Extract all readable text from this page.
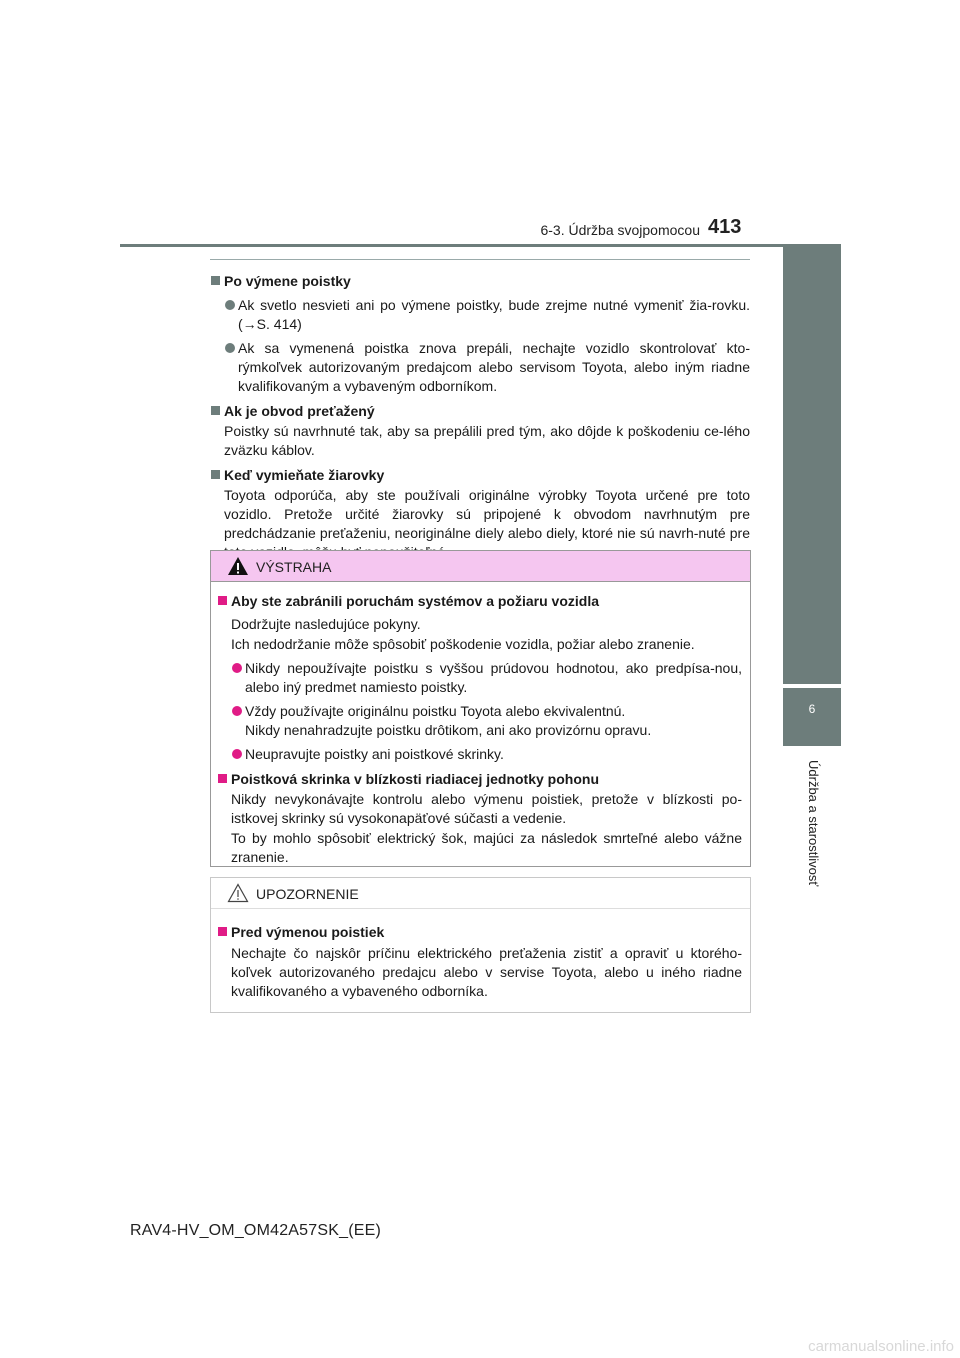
6-3. Údržba svojpomocou 413
6
Údržba a starostlivosť
Po výmene poistky
Ak svetlo nesvieti ani po výmene poistky, bude zrejme nutné vymeniť žia-rovku. (→S. 414)
Ak sa vymenená poistka znova prepáli, nechajte vozidlo skontrolovať kto-rýmkoľvek autorizovaným predajcom alebo servisom Toyota, alebo iným riadne kvalifikovaným a vybaveným odborníkom.
Ak je obvod preťažený
Poistky sú navrhnuté tak, aby sa prepálili pred tým, ako dôjde k poškodeniu ce-lého zväzku káblov.
Keď vymieňate žiarovky
Toyota odporúča, aby ste používali originálne výrobky Toyota určené pre toto vozidlo. Pretože určité žiarovky sú pripojené k obvodom navrhnutým pre predchádzanie preťaženiu, neoriginálne diely alebo diely, ktoré nie sú navrh-nuté pre
VÝSTRAHA
Aby ste zabránili poruchám systémov a požiaru vozidla
Dodržujte nasledujúce pokyny.
Ich nedodržanie môže spôsobiť poškodenie vozidla, požiar alebo zranenie.
Nikdy nepoužívajte poistku s vyššou prúdovou hodnotou, ako predpísa-nou, alebo iný predmet namiesto poistky.
Vždy používajte originálnu poistku Toyota alebo ekvivalentnú.
Nikdy nenahradzujte poistku drôtikom, ani ako provizórnu opravu.
Neupravujte poistky ani poistkové skrinky.
Poistková skrinka v blízkosti riadiacej jednotky pohonu
Nikdy nevykonávajte kontrolu alebo výmenu poistiek, pretože v blízkosti po-istkovej skrinky sú vysokonapäťové súčasti a vedenie.
To by mohlo spôsobiť elektrický šok, majúci za následok smrteľné alebo vážne zranenie.
UPOZORNENIE
Pred výmenou poistiek
Nechajte čo najskôr príčinu elektrického preťaženia zistiť a opraviť u ktorého-koľvek autorizovaného predajcu alebo v servise Toyota, alebo u iného riadne kvalifikovaného a vybaveného odborníka.
RAV4-HV_OM_OM42A57SK_(EE)
carmanualsonline.info
